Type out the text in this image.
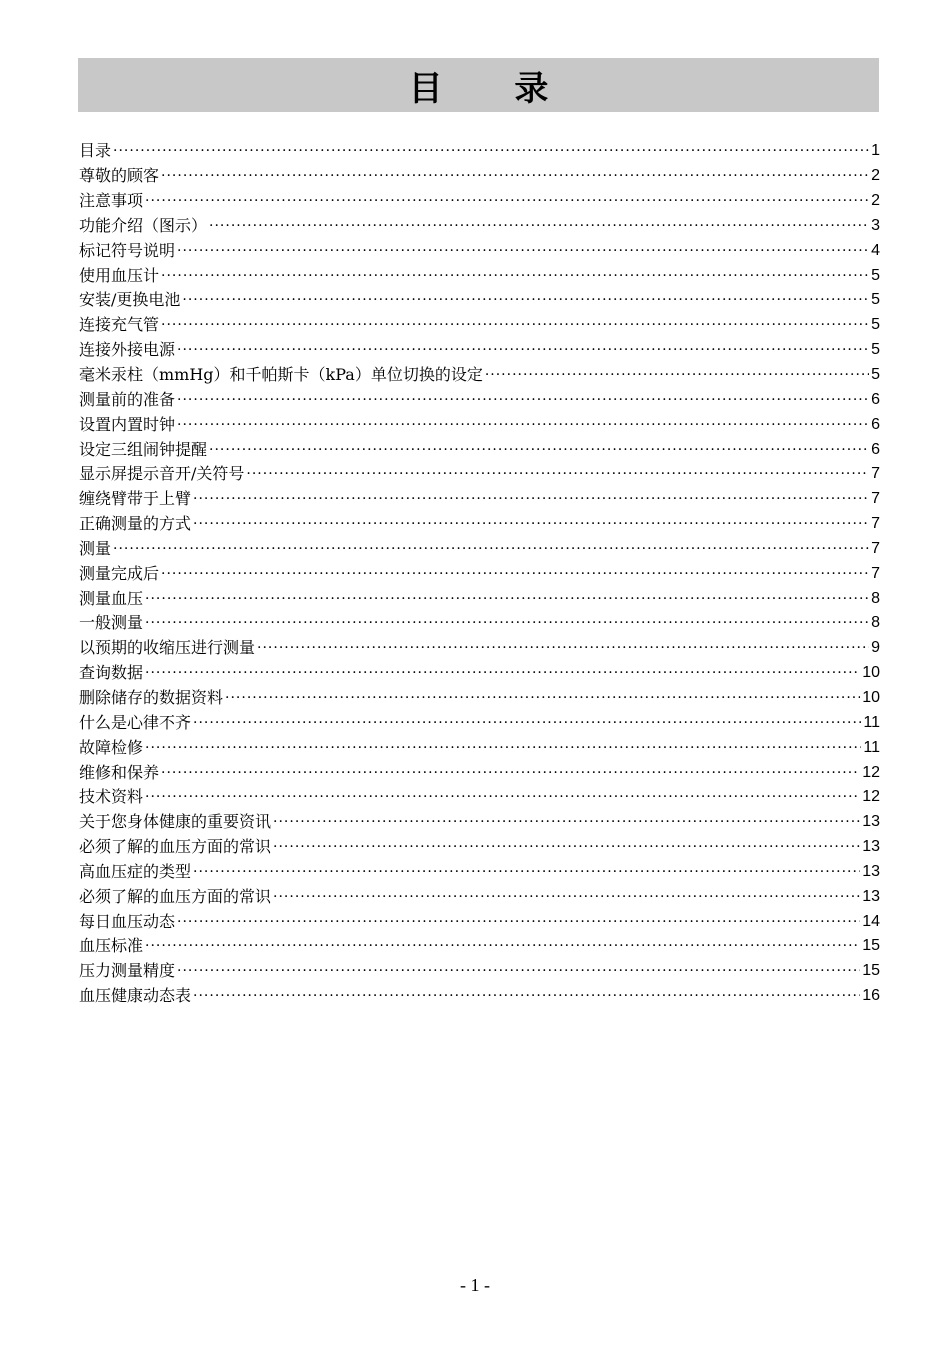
目 录
目录 ·····	1
尊敬的顾客 ·····	2
注意事项 ·····	2
功能介绍（图示） ·····	3
标记符号说明 ·····	4
使用血压计 ·····	5
安装/更换电池 ·····	5
连接充气管 ·····	5
连接外接电源 ·····	5
毫米汞柱（mmHg）和千帕斯卡（kPa）单位切换的设定 ·····	5
测量前的准备 ·····	6
设置内置时钟 ·····	6
设定三组闹钟提醒 ·····	6
显示屏提示音开/关符号 ·····	7
缠绕臂带于上臂 ·····	7
正确测量的方式 ·····	7
测量 ·····	7
测量完成后 ·····	7
测量血压 ·····	8
一般测量 ·····	8
以预期的收缩压进行测量 ·····	9
查询数据 ·····	10
删除储存的数据资料 ·····	10
什么是心律不齐 ·····	11
故障检修 ·····	11
维修和保养 ·····	12
技术资料 ·····	12
关于您身体健康的重要资讯 ·····	13
必须了解的血压方面的常识 ·····	13
高血压症的类型 ·····	13
必须了解的血压方面的常识 ·····	13
每日血压动态 ·····	14
血压标准 ·····	15
压力测量精度 ·····	15
血压健康动态表 ·····	16
- 1 -
